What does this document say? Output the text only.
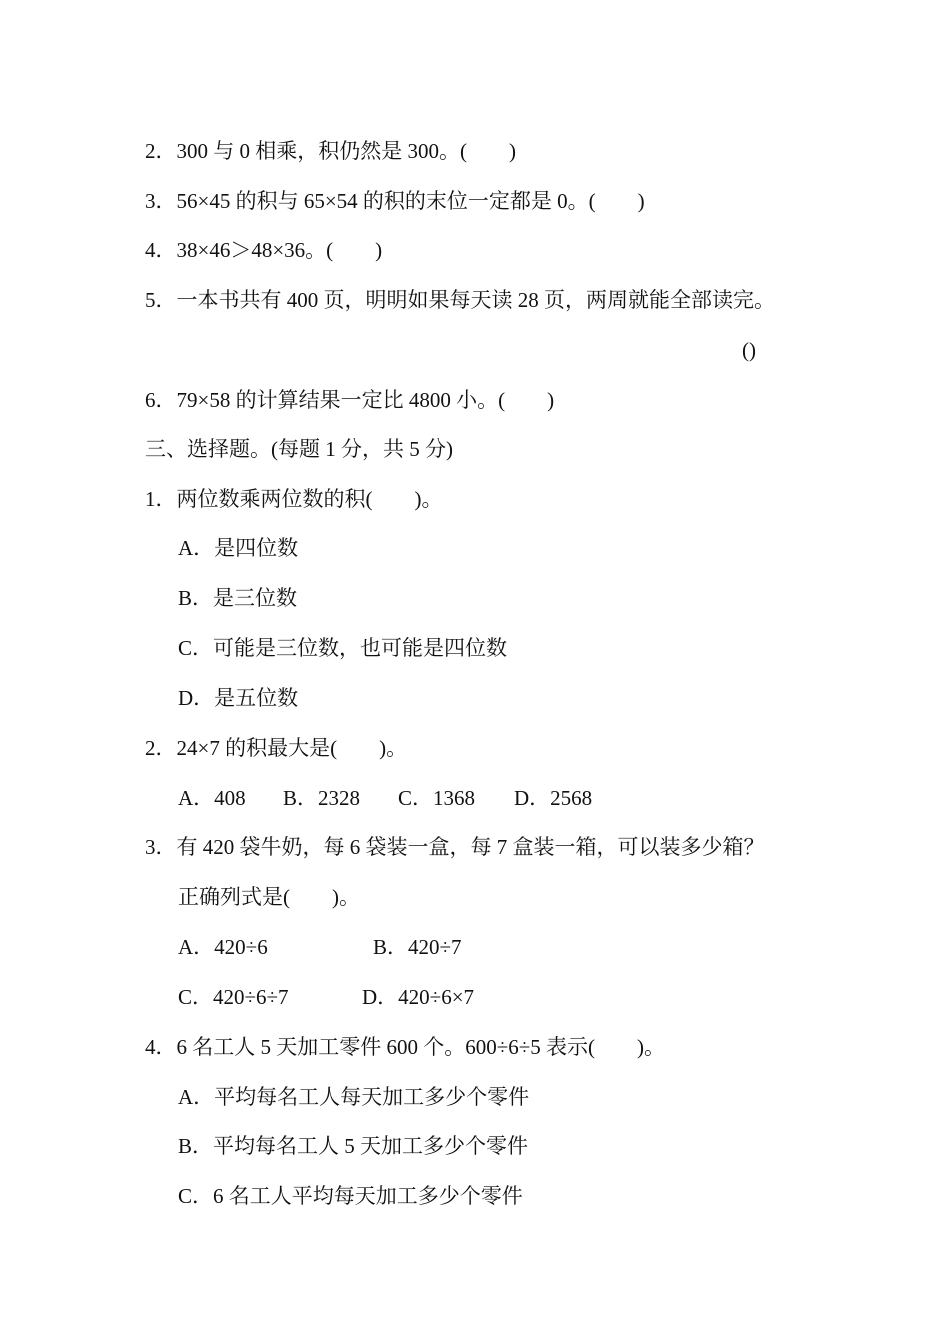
2．300 与 0 相乘，积仍然是 300。(　　)
3．56×45 的积与 65×54 的积的末位一定都是 0。(　　)
4．38×46＞48×36。(　　)
5．一本书共有 400 页，明明如果每天读 28 页，两周就能全部读完。
()
6．79×58 的计算结果一定比 4800 小。(　　)
三、选择题。(每题 1 分，共 5 分)
1．两位数乘两位数的积(　　)。
A．是四位数
B．是三位数
C．可能是三位数，也可能是四位数
D．是五位数
2．24×7 的积最大是(　　)。
A．408 B．2328 C．1368 D．2568
3．有 420 袋牛奶，每 6 袋装一盒，每 7 盒装一箱，可以装多少箱？
正确列式是(　　)。
A．420÷6	B．420÷7
C．420÷6÷7	D．420÷6×7
4．6 名工人 5 天加工零件 600 个。600÷6÷5 表示(　　)。
A．平均每名工人每天加工多少个零件
B．平均每名工人 5 天加工多少个零件
C．6 名工人平均每天加工多少个零件
